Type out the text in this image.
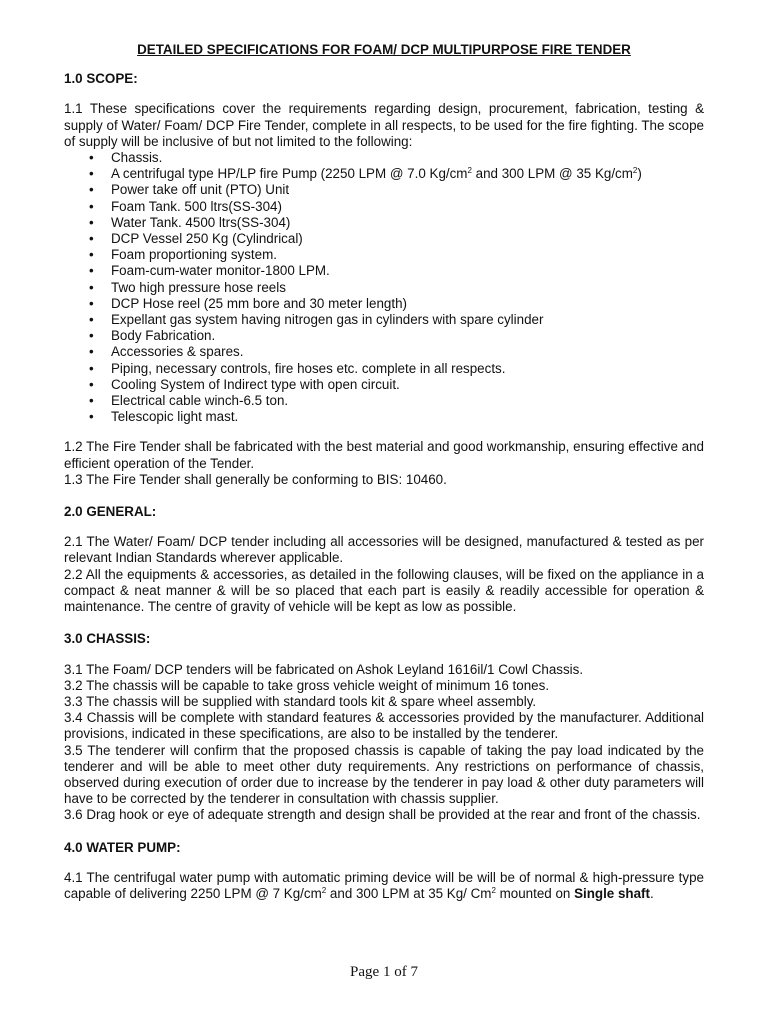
DETAILED SPECIFICATIONS FOR FOAM/ DCP MULTIPURPOSE FIRE TENDER
1.0 SCOPE:

1.1 These specifications cover the requirements regarding design, procurement, fabrication, testing & supply of Water/ Foam/ DCP Fire Tender, complete in all respects, to be used for the fire fighting. The scope of supply will be inclusive of but not limited to the following:

• Chassis.
• A centrifugal type HP/LP fire Pump (2250 LPM @ 7.0 $Kg/cm^2$ and 300 LPM @ 35 $Kg/cm^2$)
• Power take off unit (PTO) Unit
• Foam Tank. 500 ltrs(SS-304)
• Water Tank. 4500 ltrs(SS-304)
• DCP Vessel 250 Kg (Cylindrical)
• Foam proportioning system.
• Foam-cum-water monitor-1800 LPM.
• Two high pressure hose reels
• DCP Hose reel (25 mm bore and 30 meter length)
• Expellant gas system having nitrogen gas in cylinders with spare cylinder
• Body Fabrication.
• Accessories & spares.
• Piping, necessary controls, fire hoses etc. complete in all respects.
• Cooling System of Indirect type with open circuit.
• Electrical cable winch-6.5 ton.
• Telescopic light mast.

1.2 The Fire Tender shall be fabricated with the best material and good workmanship, ensuring effective and efficient operation of the Tender.

1.3 The Fire Tender shall generally be conforming to BIS: 10460.

2.0 GENERAL:

2.1 The Water/ Foam/ DCP tender including all accessories will be designed, manufactured & tested as per relevant Indian Standards wherever applicable.

2.2 All the equipments & accessories, as detailed in the following clauses, will be fixed on the appliance in a compact & neat manner & will be so placed that each part is easily & readily accessible for operation & maintenance. The centre of gravity of vehicle will be kept as low as possible.

3.0 CHASSIS:

3.1 The Foam/ DCP tenders will be fabricated on Ashok Leyland 1616il/1 Cowl Chassis.

3.2 The chassis will be capable to take gross vehicle weight of minimum 16 tones.

3.3 The chassis will be supplied with standard tools kit & spare wheel assembly.

3.4 Chassis will be complete with standard features & accessories provided by the manufacturer. Additional provisions, indicated in these specifications, are also to be installed by the tenderer.

3.5 The tenderer will confirm that the proposed chassis is capable of taking the pay load indicated by the tenderer and will be able to meet other duty requirements. Any restrictions on performance of chassis, observed during execution of order due to increase by the tenderer in pay load & other duty parameters will have to be corrected by the tenderer in consultation with chassis supplier.

3.6 Drag hook or eye of adequate strength and design shall be provided at the rear and front of the chassis.

4.0 WATER PUMP:

4.1 The centrifugal water pump with automatic priming device will be will be of normal & high-pressure type capable of delivering 2250 LPM @ 7 $Kg/cm^2$ and 300 LPM at 35 Kg/ Cm$^2$ mounted on Single shaft.

Page 1 of 7
